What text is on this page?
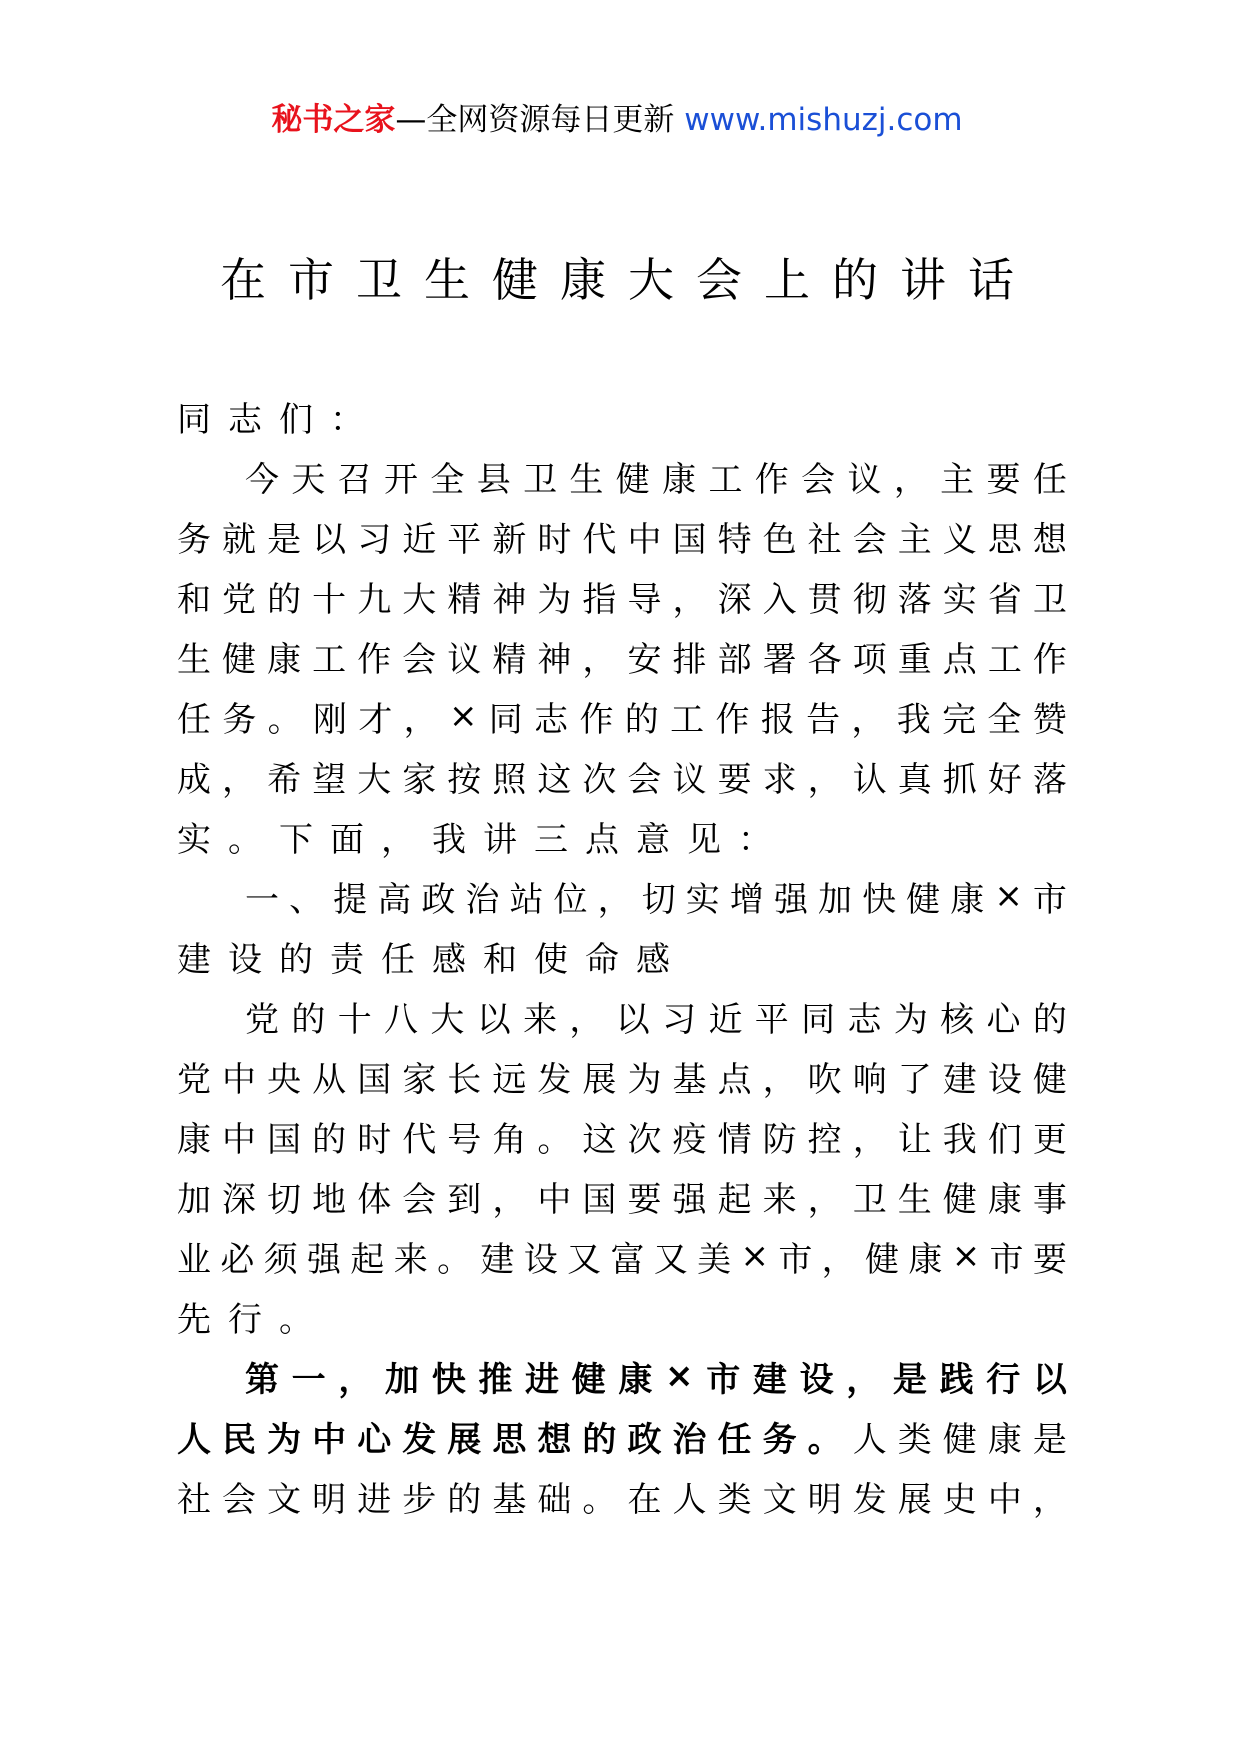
秘书之家—全网资源每日更新 www.mishuzj.com
在市卫生健康大会上的讲话
同 志 们 ：
今 天 召 开 全 县 卫 生 健 康 工 作 会 议 ， 主 要 任
务 就 是 以 习 近 平 新 时 代 中 国 特 色 社 会 主 义 思 想
和 党 的 十 九 大 精 神 为 指 导 ， 深 入 贯 彻 落 实 省 卫
生 健 康 工 作 会 议 精 神 ， 安 排 部 署 各 项 重 点 工 作
任 务 。 刚 才 ， × 同 志 作 的 工 作 报 告 ， 我 完 全 赞
成 ， 希 望 大 家 按 照 这 次 会 议 要 求 ， 认 真 抓 好 落
实 。 下 面 ， 我 讲 三 点 意 见 ：
一 、 提 高 政 治 站 位 ， 切 实 增 强 加 快 健 康 × 市
建 设 的 责 任 感 和 使 命 感
党 的 十 八 大 以 来 ， 以 习 近 平 同 志 为 核 心 的
党 中 央 从 国 家 长 远 发 展 为 基 点 ， 吹 响 了 建 设 健
康 中 国 的 时 代 号 角 。 这 次 疫 情 防 控 ， 让 我 们 更
加 深 切 地 体 会 到 ， 中 国 要 强 起 来 ， 卫 生 健 康 事
业 必 须 强 起 来 。 建 设 又 富 又 美 × 市 ， 健 康 × 市 要
先 行 。
第 一 ， 加 快 推 进 健 康 × 市 建 设 ， 是 践 行 以
人 民 为 中 心 发 展 思 想 的 政 治 任 务 。 人 类 健 康 是
社 会 文 明 进 步 的 基 础 。 在 人 类 文 明 发 展 史 中 ，
